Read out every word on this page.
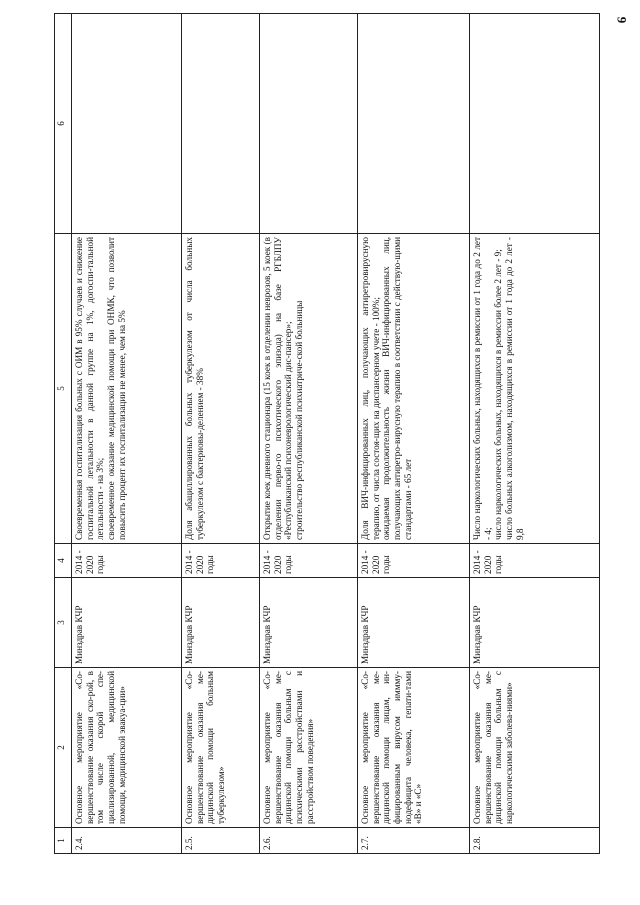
9
1	2	3	4	5	6
2.4.	Основное мероприятие «Со-вершенствование оказания ско-рой, в том числе скорой спе-циализированной, медицинской помощи, медицинской эвакуа-ции»	Минздрав КЧР	2014 - 2020 годы	Своевременная госпитализация больных с ОИМ в 95% случаев и снижение госпитальной летальности в данной группе на 1%, догоспи-тальной летальности - на 3%; своевременное оказание медицинской помощи при ОНМК, что позволит повысить процент их госпитализации не менее, чем на 5%	

2.5.	Основное мероприятие «Со-вершенствование оказания ме-дицинской помощи больным туберкулезом»	Минздрав КЧР	2014 - 2020 годы	Доля абациллированных больных туберкулезом от числа больных туберкулезом с бактериовы-делением - 38%	

2.6.	Основное мероприятие «Со-вершенствование оказания ме-дицинской помощи больным с психическими расстройствами и расстройством поведения»	Минздрав КЧР	2014 - 2020 годы	Открытие коек дневного стационара (15 коек в отделении неврозов, 5 коек (в отделении перво-го психотического эпизода) на базе РГБЛПУ «Республиканский психоневрологический дис-пансер»; строительство республиканской психиатриче-ской больницы	

2.7.	Основное мероприятие «Со-вершенствование оказания ме-дицинской помощи лицам, ин-фицированным вирусом иммму-нодефицита человека, гепати-тами «В» и «С»	Минздрав КЧР	2014 - 2020 годы	Доля ВИЧ-инфицированных лиц, получающих антиретровирусную терапию, от числа состоя-щих на диспансерном учете - 100%; ожидаемая продолжительность жизни ВИЧ-инфицированных лиц, получающих антиретро-вирусную терапию в соответствии с действую-щими стандартами - 65 лет	

2.8.	Основное мероприятие «Со-вершенствование оказания ме-дицинской помощи больным с наркологическими заболева-ниями»	Минздрав КЧР	2014 - 2020 годы	Число наркологических больных, находящихся в ремиссии от 1 года до 2 лет - 4; число наркологических больных, находящихся в ремиссии более 2 лет - 9; число больных алкоголизмом, находящихся в ремиссии от 1 года до 2 лет - 9,8	
